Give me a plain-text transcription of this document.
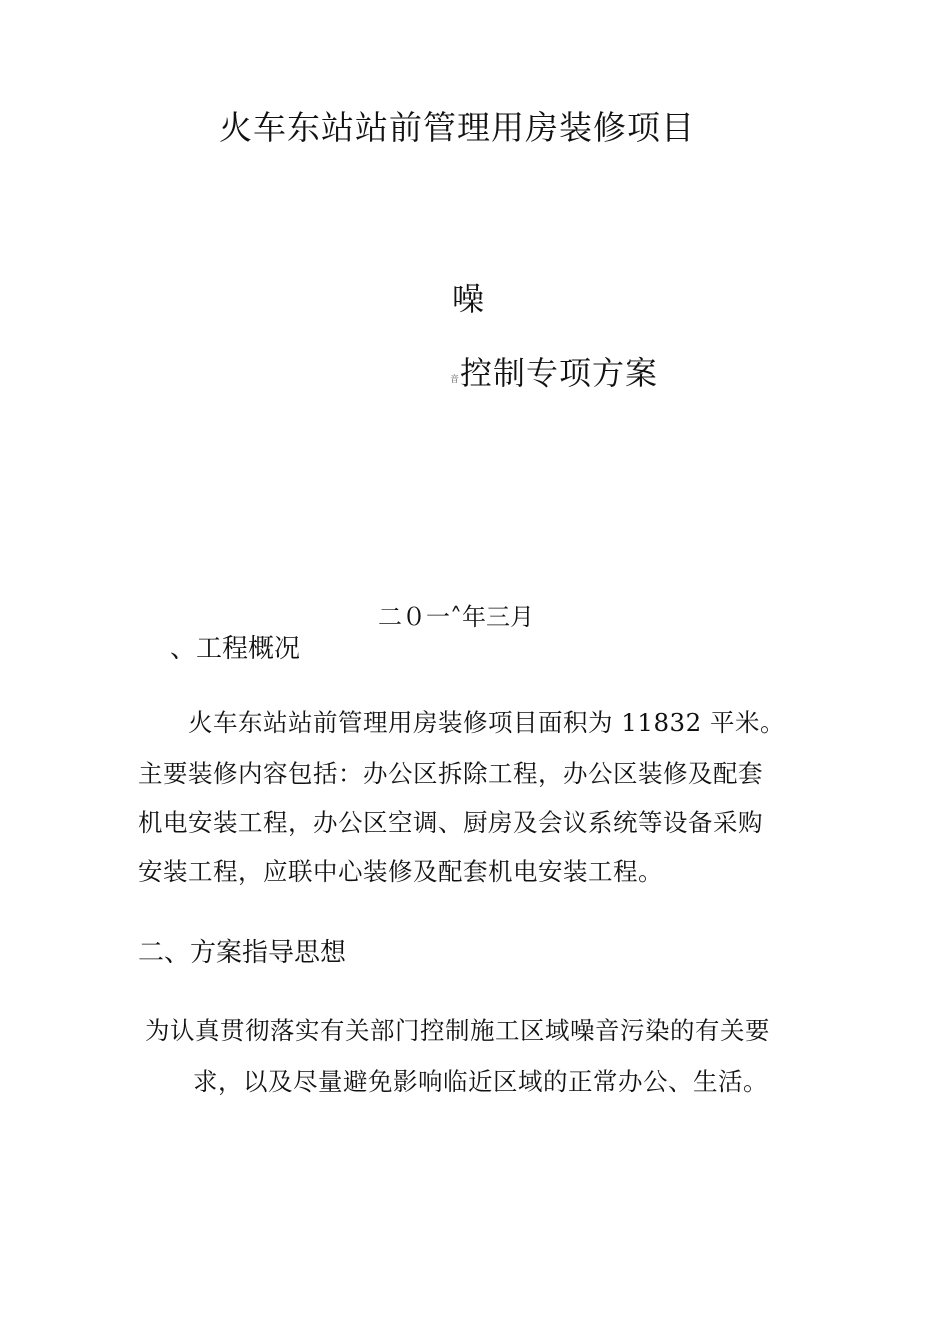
火车东站站前管理用房装修项目
噪
音 控制专项方案
二０一˄年三月
、工程概况
火车东站站前管理用房装修项目面积为 11832 平米。
主要装修内容包括：办公区拆除工程，办公区装修及配套
机电安装工程，办公区空调、厨房及会议系统等设备采购
安装工程，应联中心装修及配套机电安装工程。
二、方案指导思想
为认真贯彻落实有关部门控制施工区域噪音污染的有关要
求，以及尽量避免影响临近区域的正常办公、生活。
